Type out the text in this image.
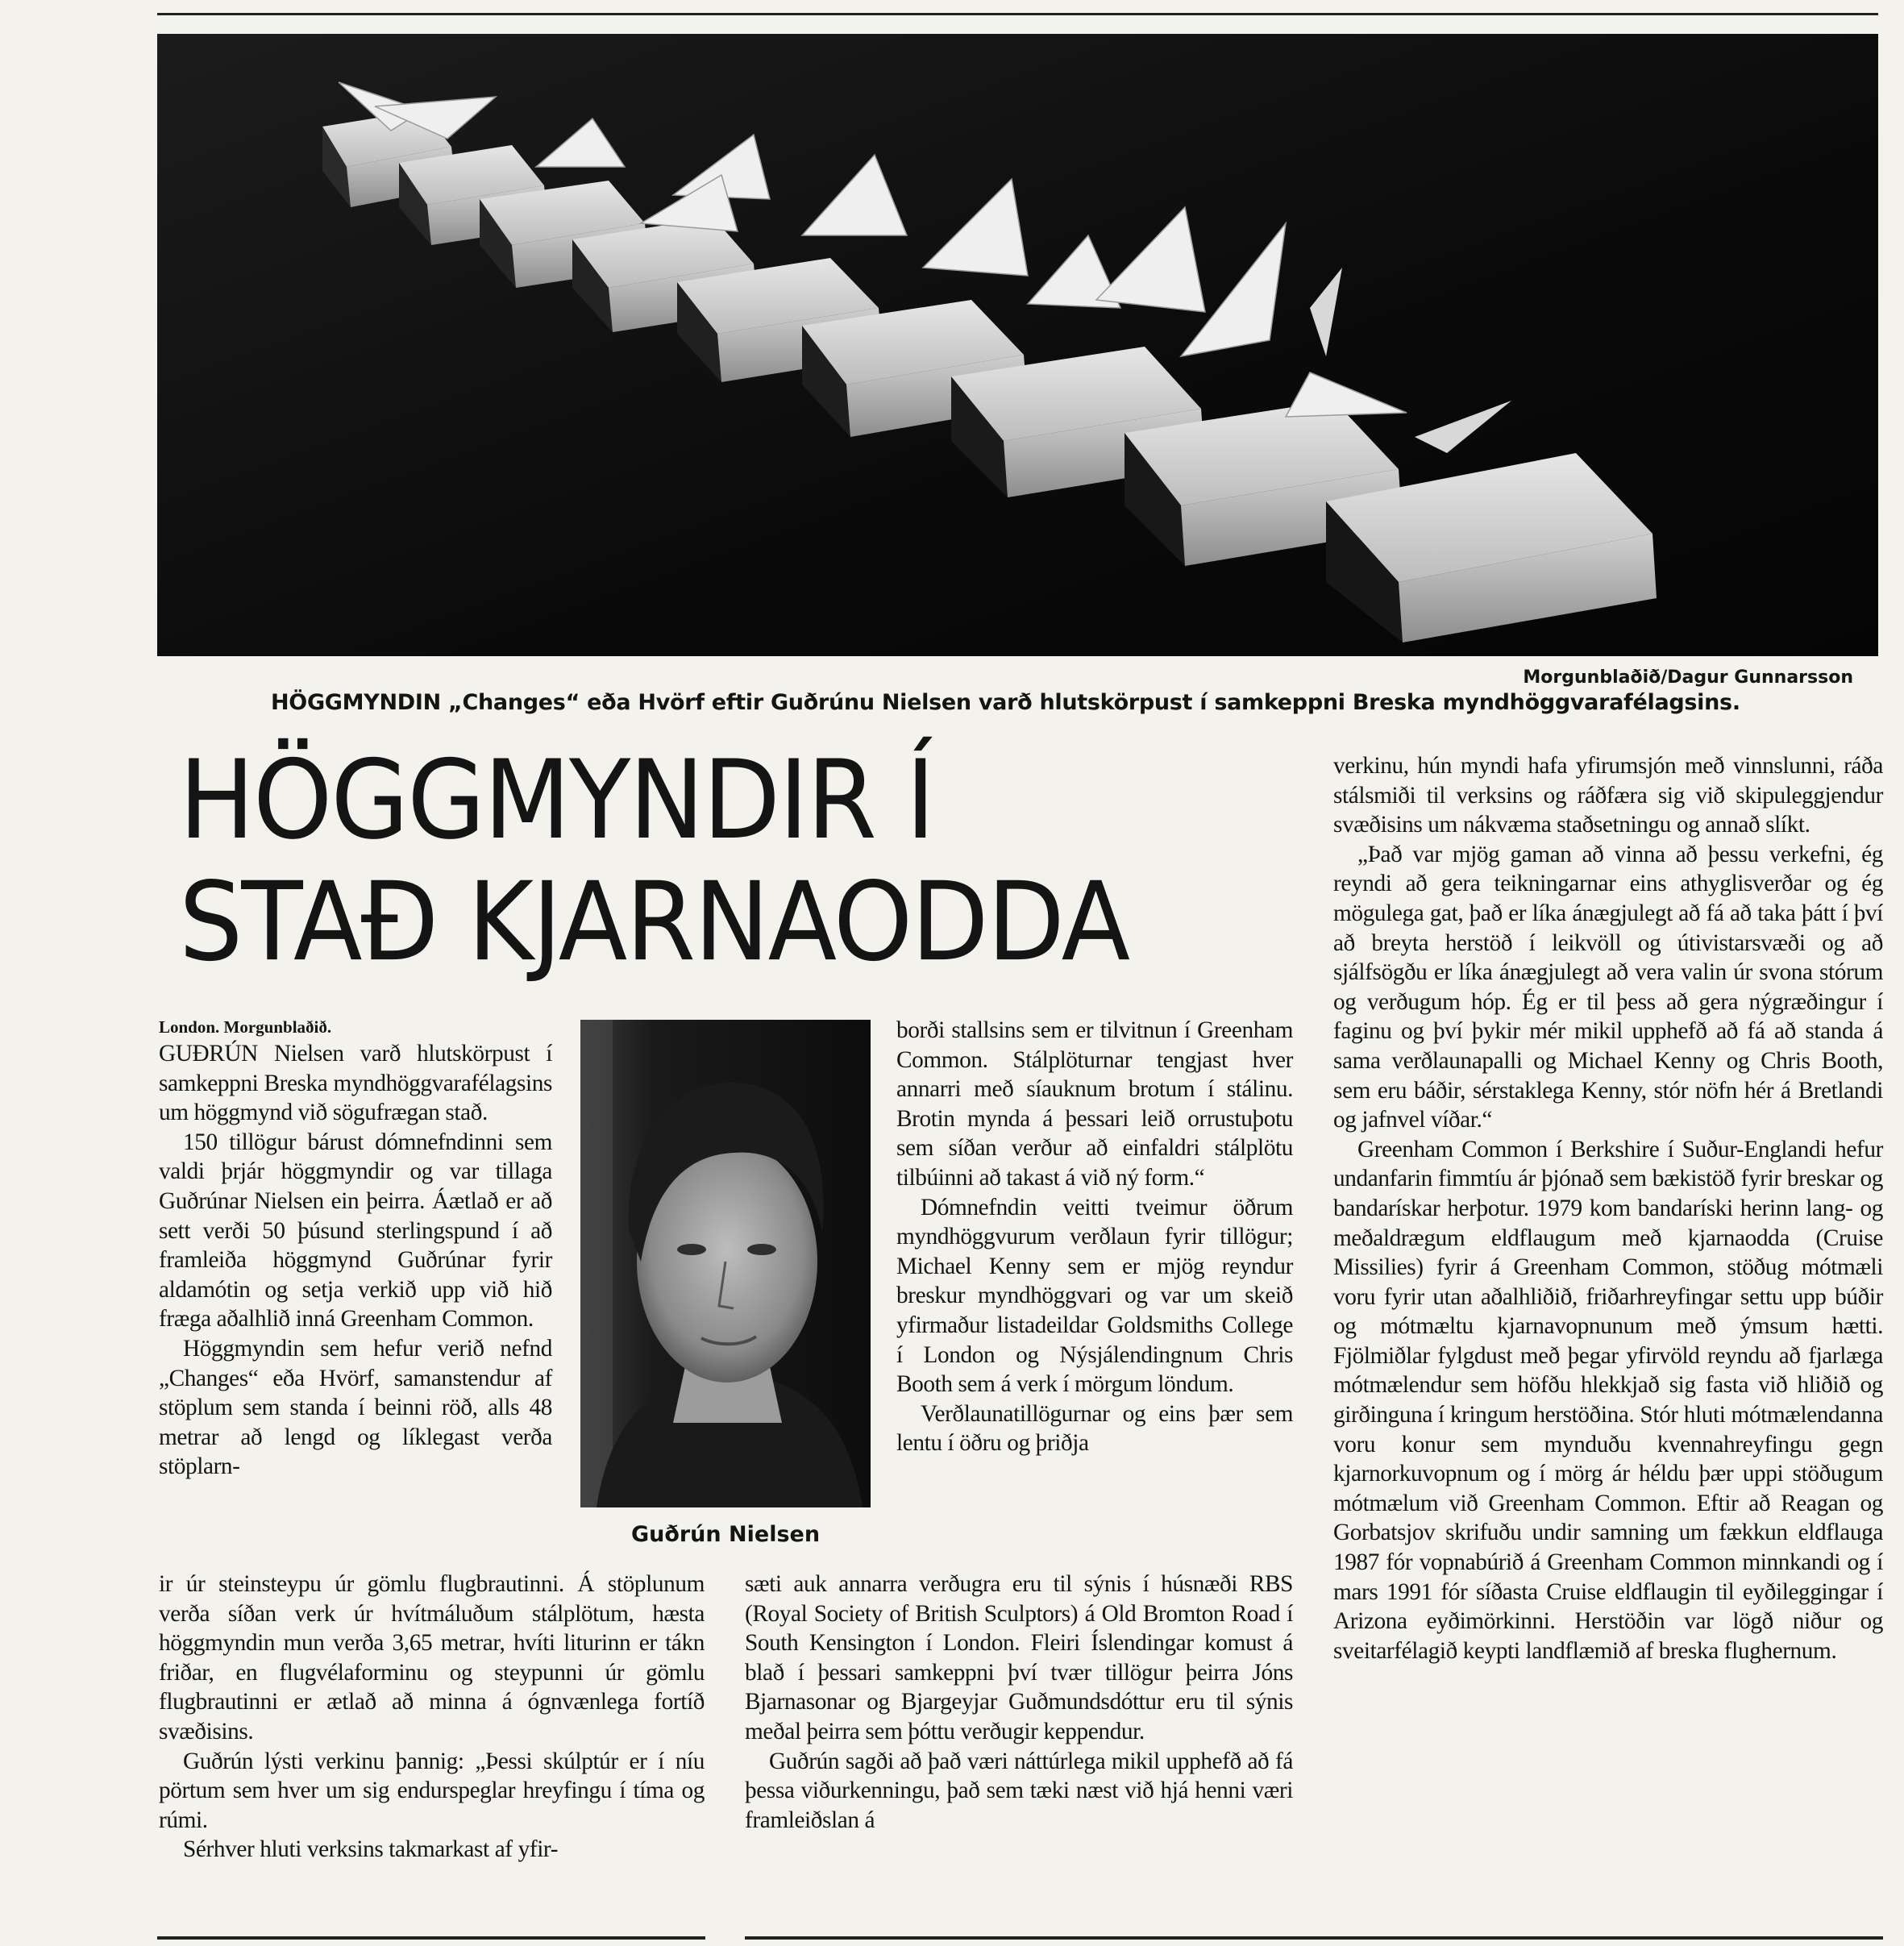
Morgunblaðið/Dagur Gunnarsson
HÖGGMYNDIN „Changes“ eða Hvörf eftir Guðrúnu Nielsen varð hlutskörpust í samkeppni Breska myndhöggvarafélagsins.
HÖGGMYNDIR Í
STAÐ KJARNAODDA
London. Morgunblaðið.

GUÐRÚN Nielsen varð hlutskörpust í samkeppni Breska myndhöggvarafélagsins um höggmynd við sögufrægan stað.

150 tillögur bárust dómnefndinni sem valdi þrjár höggmyndir og var tillaga Guðrúnar Nielsen ein þeirra. Áætlað er að sett verði 50 þúsund sterlingspund í að framleiða höggmynd Guðrúnar fyrir aldamótin og setja verkið upp við hið fræga aðalhlið inná Greenham Common.

Höggmyndin sem hefur verið nefnd „Changes“ eða Hvörf, samanstendur af stöplum sem standa í beinni röð, alls 48 metrar að lengd og líklegast verða stöplarn-

ir úr steinsteypu úr gömlu flugbrautinni. Á stöplunum verða síðan verk úr hvítmáluðum stálplötum, hæsta höggmyndin mun verða 3,65 metrar, hvíti liturinn er tákn friðar, en flugvélaforminu og steypunni úr gömlu flugbrautinni er ætlað að minna á ógnvænlega fortíð svæðisins.

Guðrún lýsti verkinu þannig: „Þessi skúlptúr er í níu pörtum sem hver um sig endurspeglar hreyfingu í tíma og rúmi.

Sérhver hluti verksins takmarkast af yfir-

Guðrún Nielsen

borði stallsins sem er tilvitnun í Greenham Common. Stálplöturnar tengjast hver annarri með síauknum brotum í stálinu. Brotin mynda á þessari leið orrustuþotu sem síðan verður að einfaldri stálplötu tilbúinni að takast á við ný form.“

Dómnefndin veitti tveimur öðrum myndhöggvurum verðlaun fyrir tillögur; Michael Kenny sem er mjög reyndur breskur myndhöggvari og var um skeið yfirmaður listadeildar Goldsmiths College í London og Nýsjálendingnum Chris Booth sem á verk í mörgum löndum.

Verðlaunatillögurnar og eins þær sem lentu í öðru og þriðja

sæti auk annarra verðugra eru til sýnis í húsnæði RBS (Royal Society of British Sculptors) á Old Bromton Road í South Kensington í London. Fleiri Íslendingar komust á blað í þessari samkeppni því tvær tillögur þeirra Jóns Bjarnasonar og Bjargeyjar Guðmundsdóttur eru til sýnis meðal þeirra sem þóttu verðugir keppendur.

Guðrún sagði að það væri náttúrlega mikil upphefð að fá þessa viðurkenningu, það sem tæki næst við hjá henni væri framleiðslan á

verkinu, hún myndi hafa yfirumsjón með vinnslunni, ráða stálsmiði til verksins og ráðfæra sig við skipuleggjendur svæðisins um nákvæma staðsetningu og annað slíkt.

„Það var mjög gaman að vinna að þessu verkefni, ég reyndi að gera teikningarnar eins athyglisverðar og ég mögulega gat, það er líka ánægjulegt að fá að taka þátt í því að breyta herstöð í leikvöll og útivistarsvæði og að sjálfsögðu er líka ánægjulegt að vera valin úr svona stórum og verðugum hóp. Ég er til þess að gera nýgræðingur í faginu og því þykir mér mikil upphefð að fá að standa á sama verðlaunapalli og Michael Kenny og Chris Booth, sem eru báðir, sérstaklega Kenny, stór nöfn hér á Bretlandi og jafnvel víðar.“

Greenham Common í Berkshire í Suður-Englandi hefur undanfarin fimmtíu ár þjónað sem bækistöð fyrir breskar og bandarískar herþotur. 1979 kom bandaríski herinn lang- og meðaldrægum eldflaugum með kjarnaodda (Cruise Missilies) fyrir á Greenham Common, stöðug mótmæli voru fyrir utan aðalhliðið, friðarhreyfingar settu upp búðir og mótmæltu kjarnavopnunum með ýmsum hætti. Fjölmiðlar fylgdust með þegar yfirvöld reyndu að fjarlæga mótmælendur sem höfðu hlekkjað sig fasta við hliðið og girðinguna í kringum herstöðina. Stór hluti mótmælendanna voru konur sem mynduðu kvennahreyfingu gegn kjarnorkuvopnum og í mörg ár héldu þær uppi stöðugum mótmælum við Greenham Common. Eftir að Reagan og Gorbatsjov skrifuðu undir samning um fækkun eldflauga 1987 fór vopnabúrið á Greenham Common minnkandi og í mars 1991 fór síðasta Cruise eldflaugin til eyðileggingar í Arizona eyðimörkinni. Herstöðin var lögð niður og sveitarfélagið keypti landflæmið af breska flughernum.
